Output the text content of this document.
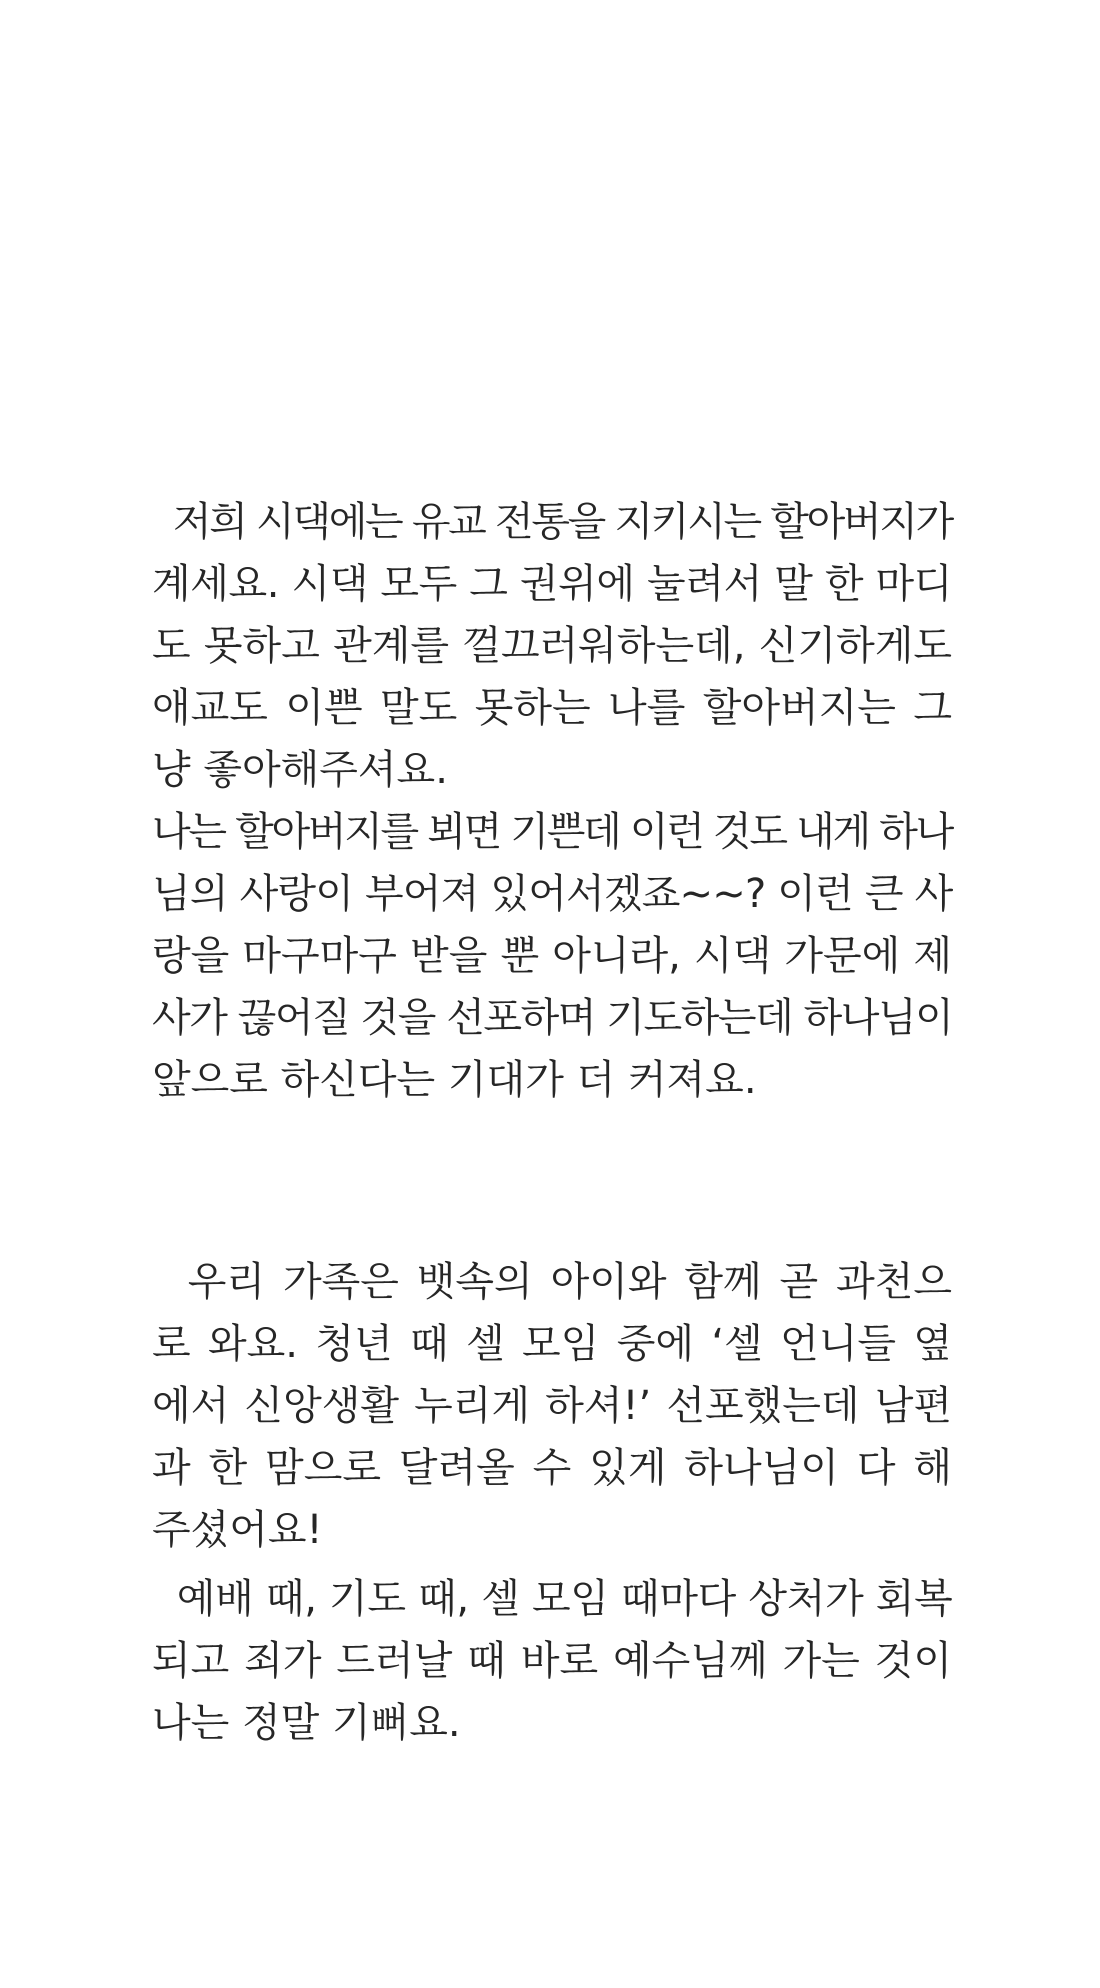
저희 시댁에는 유교 전통을 지키시는 할아버지가
계세요. 시댁 모두 그 권위에 눌려서 말 한 마디
도 못하고 관계를 껄끄러워하는데, 신기하게도
애교도 이쁜 말도 못하는 나를 할아버지는 그
냥 좋아해주셔요.
나는 할아버지를 뵈면 기쁜데 이런 것도 내게 하나
님의 사랑이 부어져 있어서겠죠~~? 이런 큰 사
랑을 마구마구 받을 뿐 아니라, 시댁 가문에 제
사가 끊어질 것을 선포하며 기도하는데 하나님이
앞으로 하신다는 기대가 더 커져요.
우리 가족은 뱃속의 아이와 함께 곧 과천으
로 와요. 청년 때 셀 모임 중에 ‘셀 언니들 옆
에서 신앙생활 누리게 하셔!’ 선포했는데 남편
과 한 맘으로 달려올 수 있게 하나님이 다 해
주셨어요!
예배 때, 기도 때, 셀 모임 때마다 상처가 회복
되고 죄가 드러날 때 바로 예수님께 가는 것이
나는 정말 기뻐요.
